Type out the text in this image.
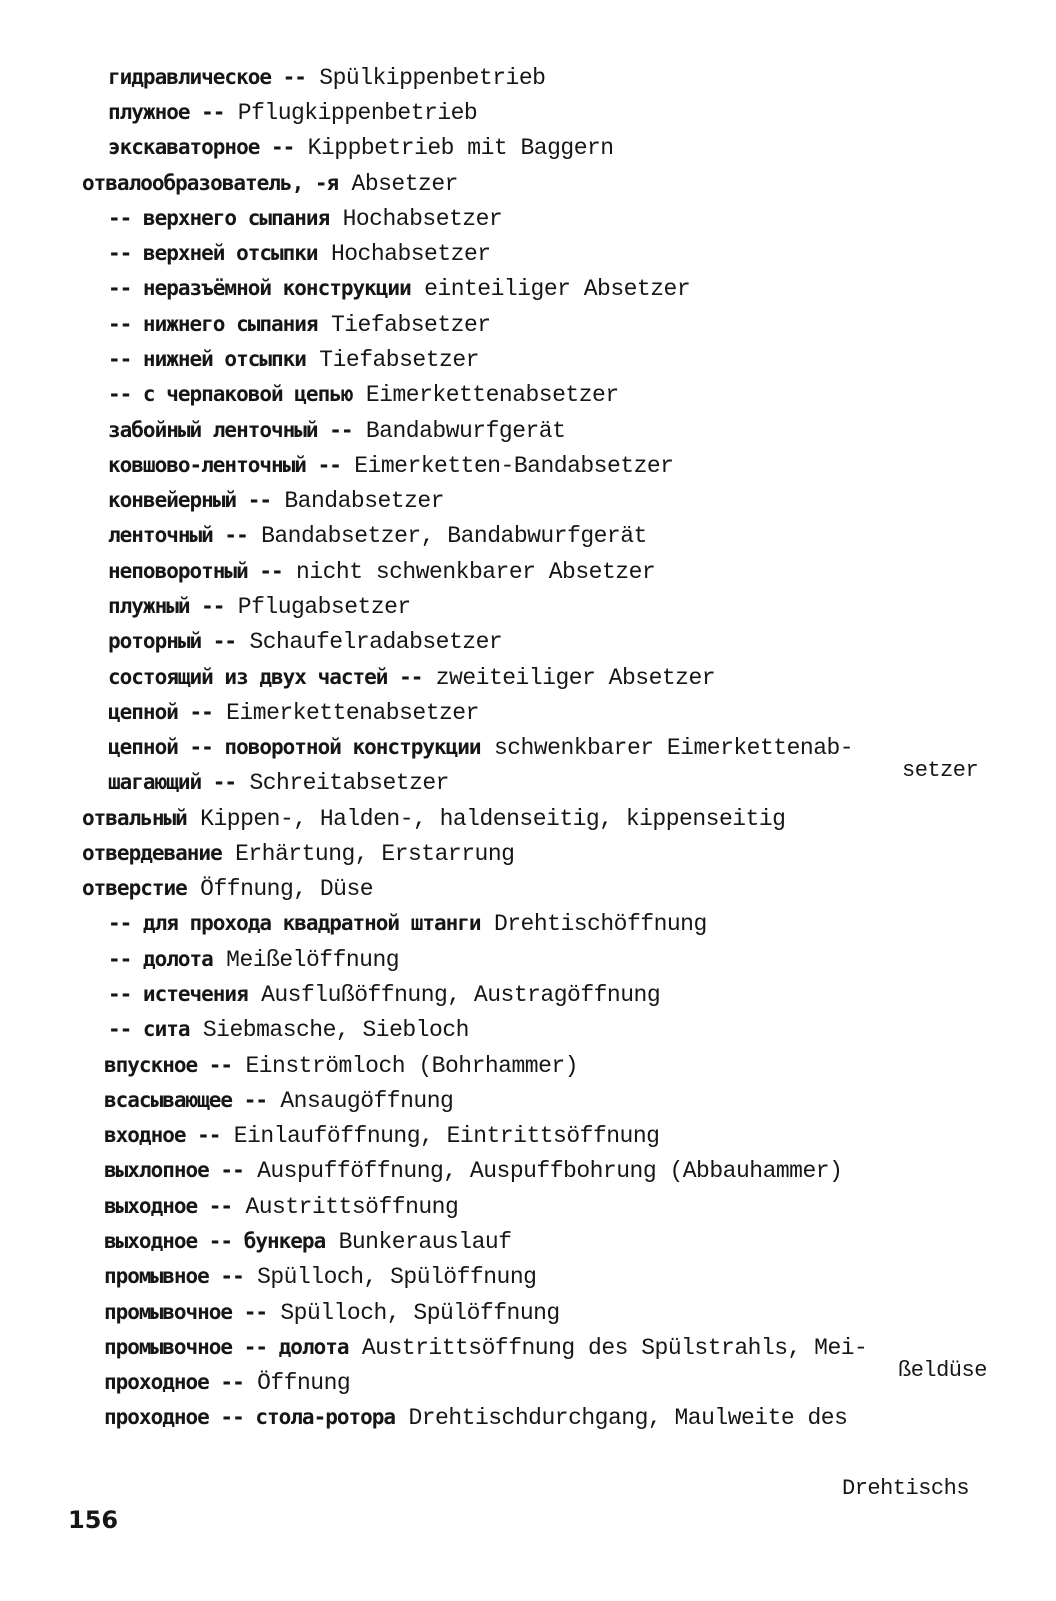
гидравлическое -- Spülkippenbetrieb
плужное -- Pflugkippenbetrieb
экскаваторное -- Kippbetrieb mit Baggern
отвалообразователь, -я Absetzer
-- верхнего сыпания Hochabsetzer
-- верхней отсыпки Hochabsetzer
-- неразъёмной конструкции einteiliger Absetzer
-- нижнего сыпания Tiefabsetzer
-- нижней отсыпки Tiefabsetzer
-- с черпаковой цепью Eimerkettenabsetzer
забойный ленточный -- Bandabwurfgerät
ковшово-ленточный -- Eimerketten-Bandabsetzer
конвейерный -- Bandabsetzer
ленточный -- Bandabsetzer, Bandabwurfgerät
неповоротный -- nicht schwenkbarer Absetzer
плужный -- Pflugabsetzer
роторный -- Schaufelradabsetzer
состоящий из двух частей -- zweiteiliger Absetzer
цепной -- Eimerkettenabsetzer
цепной -- поворотной конструкции schwenkbarer Eimerkettenab-
setzer
шагающий -- Schreitabsetzer
отвальный Kippen-, Halden-, haldenseitig, kippenseitig
отвердевание Erhärtung, Erstarrung
отверстие Öffnung, Düse
-- для прохода квадратной штанги Drehtischöffnung
-- долота Meißelöffnung
-- истечения Ausflußöffnung, Austragöffnung
-- сита Siebmasche, Siebloch
впускное -- Einströmloch (Bohrhammer)
всасывающее -- Ansaugöffnung
входное -- Einlauföffnung, Eintrittsöffnung
выхлопное -- Auspufföffnung, Auspuffbohrung (Abbauhammer)
выходное -- Austrittsöffnung
выходное -- бункера Bunkerauslauf
промывное -- Spülloch, Spülöffnung
промывочное -- Spülloch, Spülöffnung
промывочное -- долота Austrittsöffnung des Spülstrahls, Mei-
ßeldüse
проходное -- Öffnung
проходное -- стола-ротора Drehtischdurchgang, Maulweite des
Drehtischs
156
